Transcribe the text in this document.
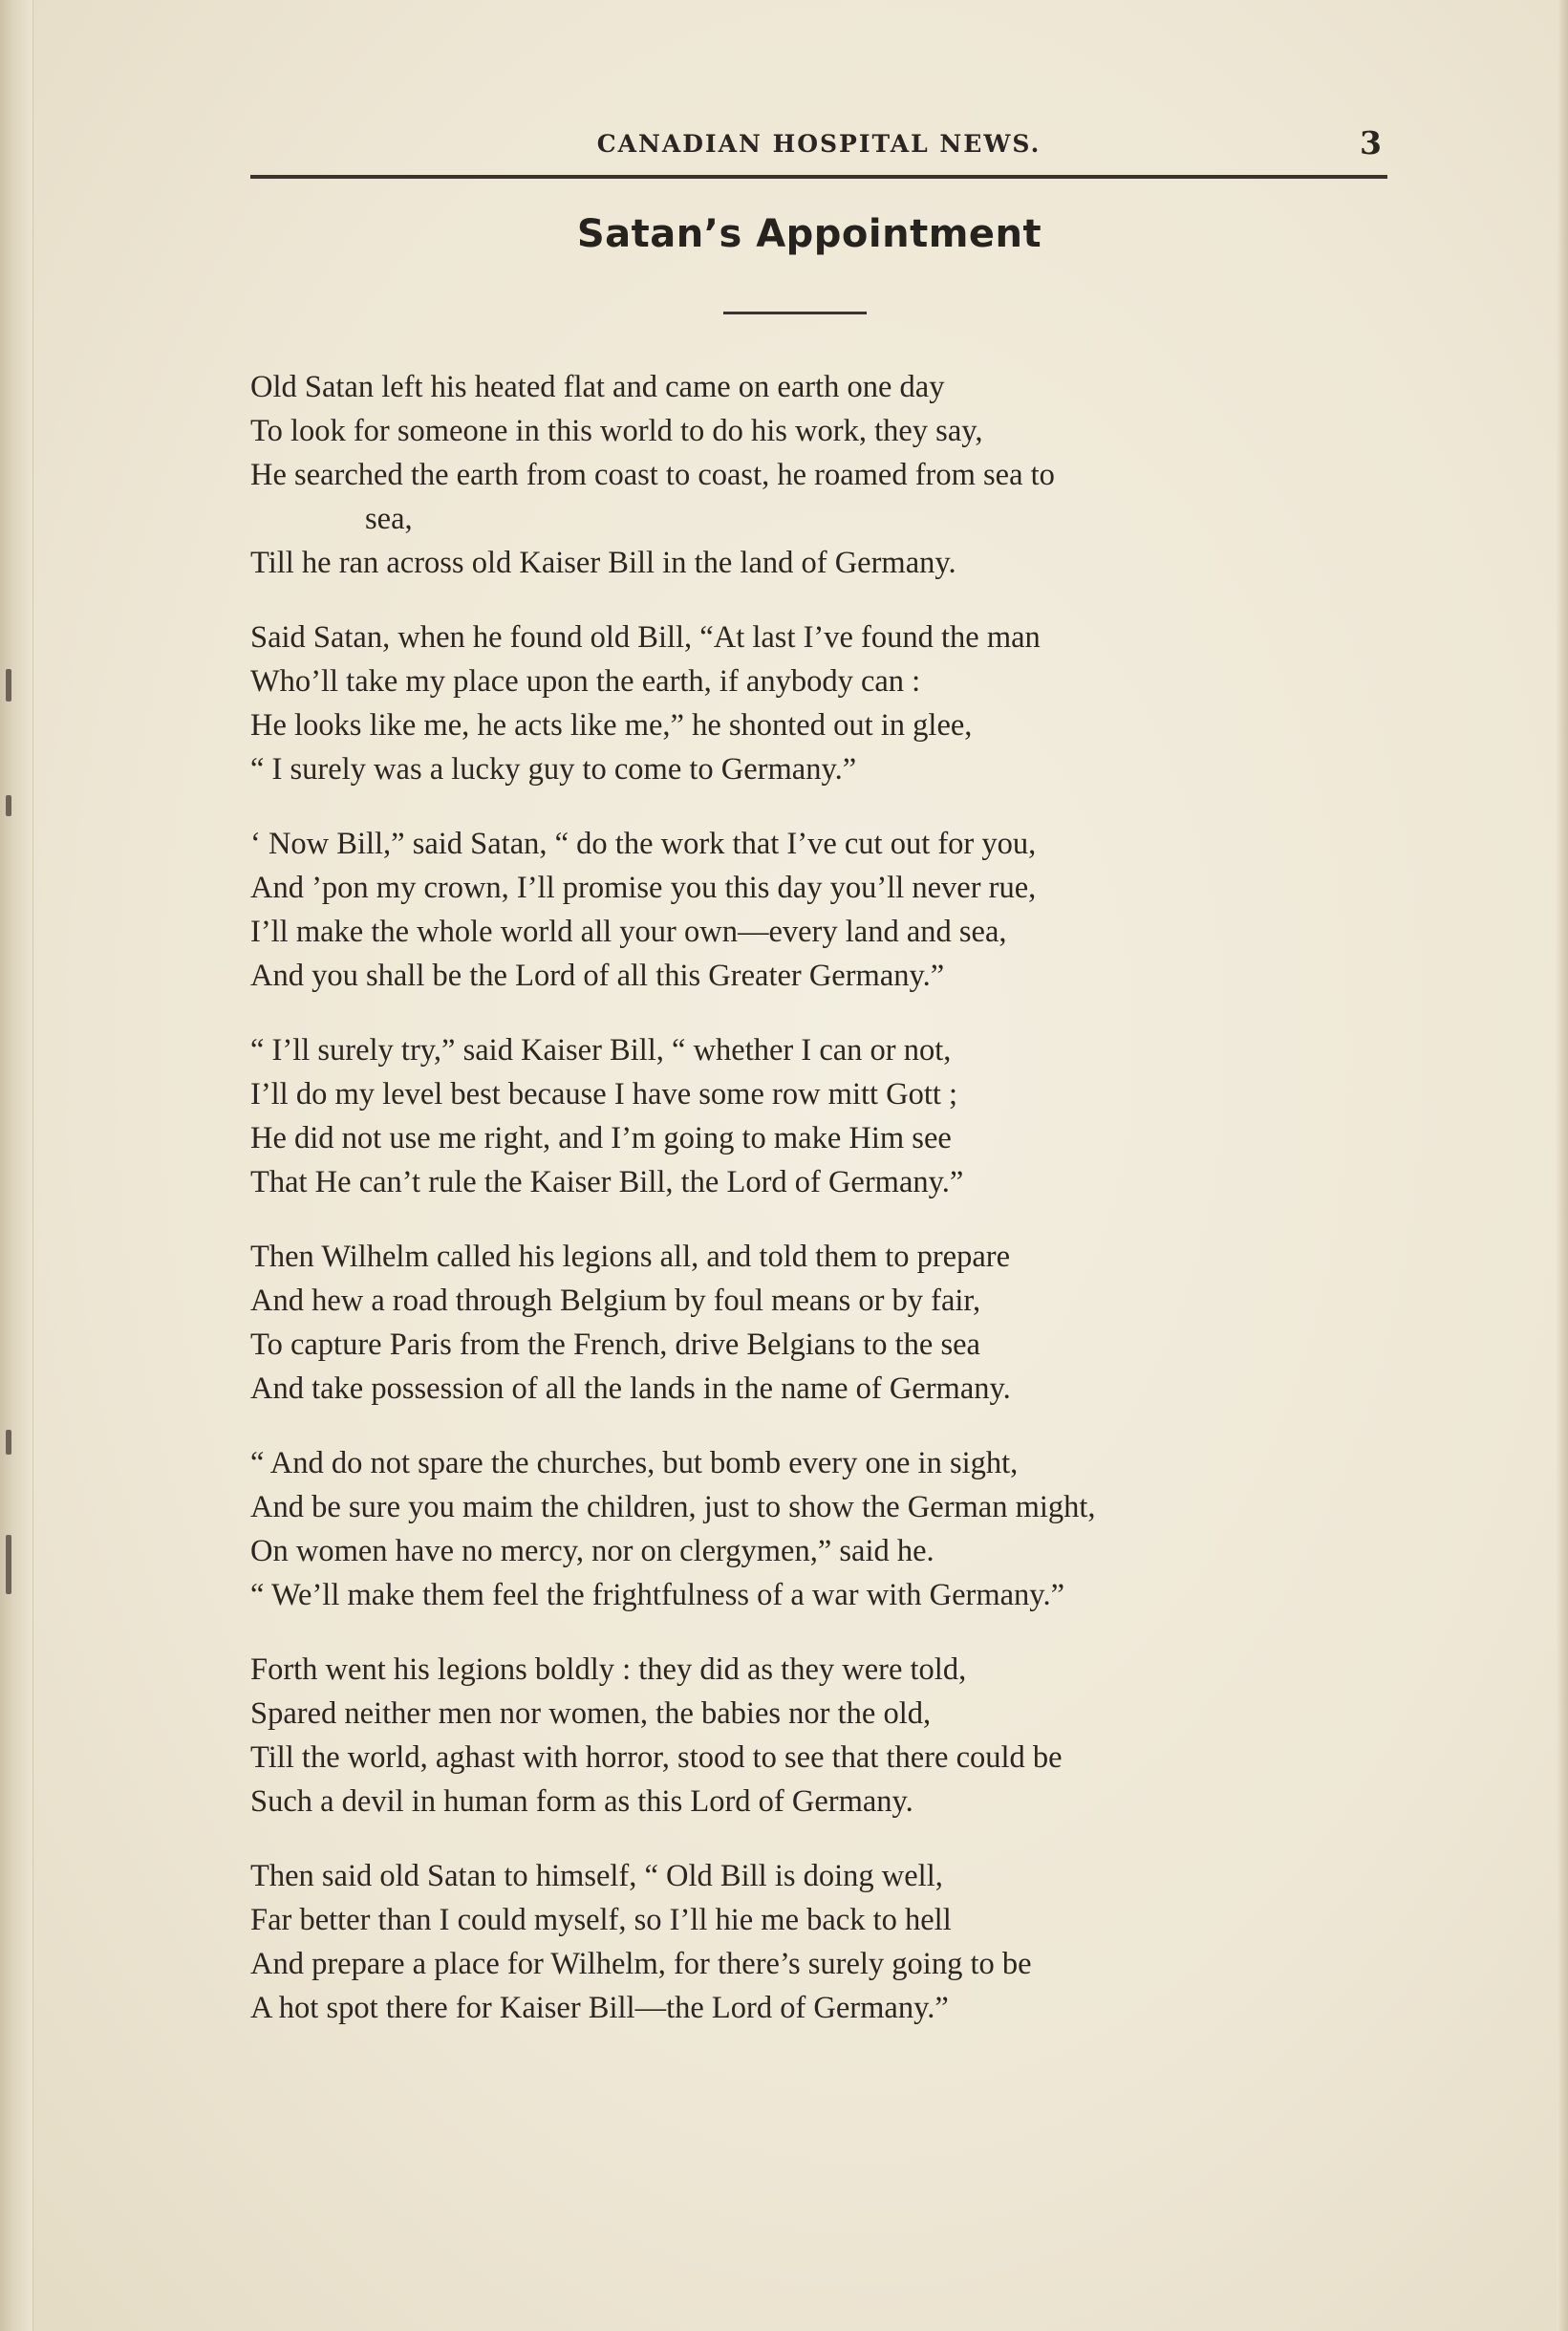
CANADIAN HOSPITAL NEWS.	3
Satan’s Appointment
Old Satan left his heated flat and came on earth one day
To look for someone in this world to do his work, they say,
He searched the earth from coast to coast, he roamed from sea to
sea,
Till he ran across old Kaiser Bill in the land of Germany.
Said Satan, when he found old Bill, “At last I’ve found the man
Who’ll take my place upon the earth, if anybody can :
He looks like me, he acts like me,” he shonted out in glee,
“ I surely was a lucky guy to come to Germany.”
‘ Now Bill,” said Satan, “ do the work that I’ve cut out for you,
And ’pon my crown, I’ll promise you this day you’ll never rue,
I’ll make the whole world all your own—every land and sea,
And you shall be the Lord of all this Greater Germany.”
“ I’ll surely try,” said Kaiser Bill, “ whether I can or not,
I’ll do my level best because I have some row mitt Gott ;
He did not use me right, and I’m going to make Him see
That He can’t rule the Kaiser Bill, the Lord of Germany.”
Then Wilhelm called his legions all, and told them to prepare
And hew a road through Belgium by foul means or by fair,
To capture Paris from the French, drive Belgians to the sea
And take possession of all the lands in the name of Germany.
“ And do not spare the churches, but bomb every one in sight,
And be sure you maim the children, just to show the German might,
On women have no mercy, nor on clergymen,” said he.
“ We’ll make them feel the frightfulness of a war with Germany.”
Forth went his legions boldly : they did as they were told,
Spared neither men nor women, the babies nor the old,
Till the world, aghast with horror, stood to see that there could be
Such a devil in human form as this Lord of Germany.
Then said old Satan to himself, “ Old Bill is doing well,
Far better than I could myself, so I’ll hie me back to hell
And prepare a place for Wilhelm, for there’s surely going to be
A hot spot there for Kaiser Bill—the Lord of Germany.”
